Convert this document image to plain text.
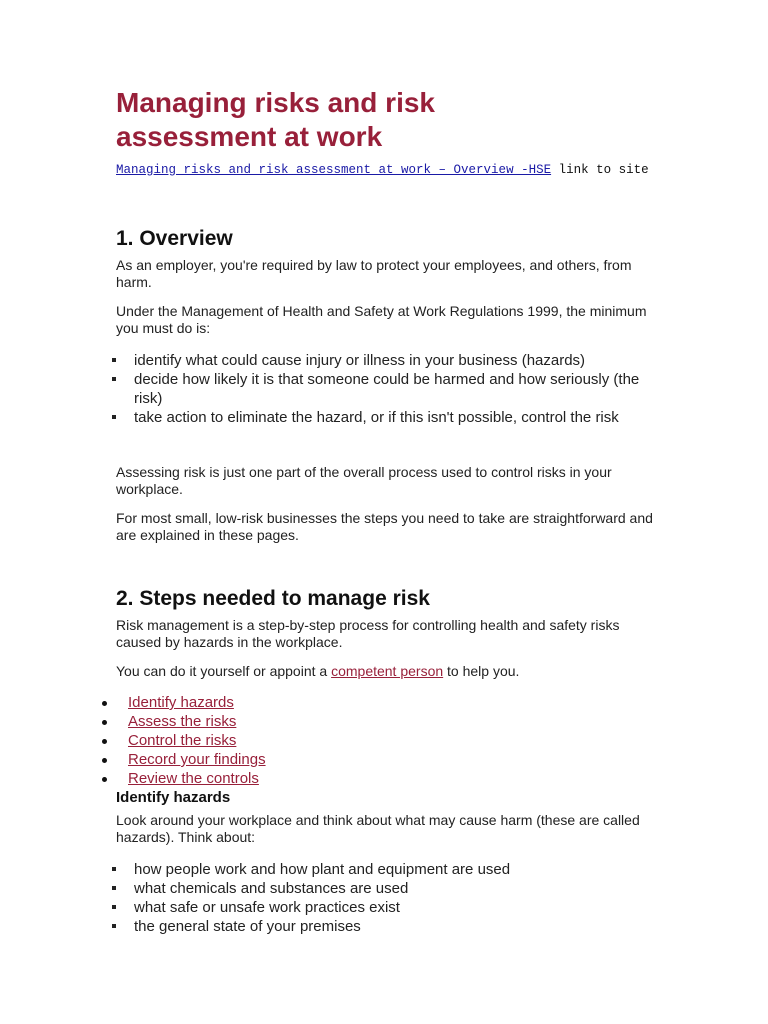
Managing risks and risk assessment at work
Managing risks and risk assessment at work – Overview -HSE link to site
1. Overview

As an employer, you're required by law to protect your employees, and others, from harm.

Under the Management of Health and Safety at Work Regulations 1999, the minimum you must do is:

identify what could cause injury or illness in your business (hazards)
decide how likely it is that someone could be harmed and how seriously (the risk)
take action to eliminate the hazard, or if this isn't possible, control the risk

Assessing risk is just one part of the overall process used to control risks in your workplace.

For most small, low-risk businesses the steps you need to take are straightforward and are explained in these pages.

2. Steps needed to manage risk

Risk management is a step-by-step process for controlling health and safety risks caused by hazards in the workplace.

You can do it yourself or appoint a competent person to help you.

Identify hazards
Assess the risks
Control the risks
Record your findings
Review the controls
Identify hazards

Look around your workplace and think about what may cause harm (these are called hazards). Think about:

how people work and how plant and equipment are used
what chemicals and substances are used
what safe or unsafe work practices exist
the general state of your premises
